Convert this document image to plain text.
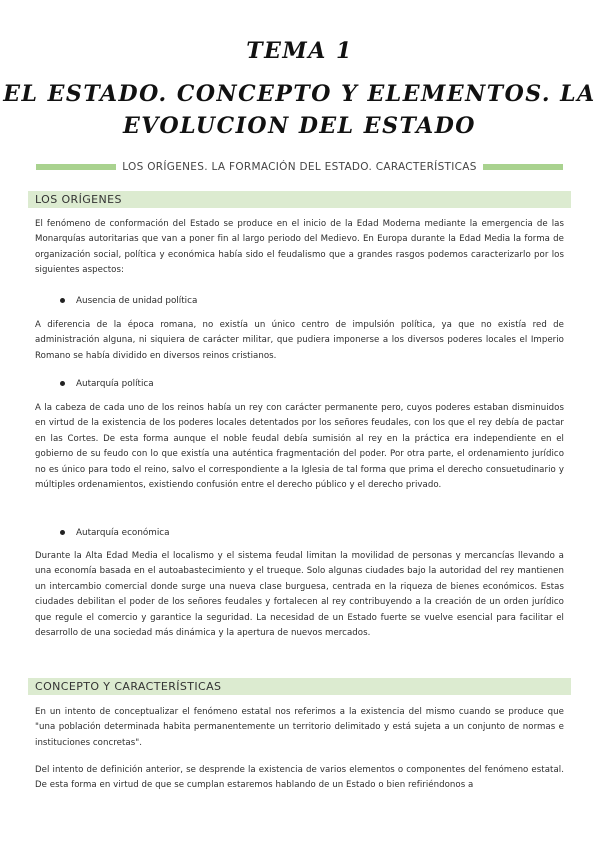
TEMA 1
EL ESTADO. CONCEPTO Y ELEMENTOS. LA
EVOLUCION DEL ESTADO
LOS ORÍGENES. LA FORMACIÓN DEL ESTADO. CARACTERÍSTICAS
LOS ORÍGENES
El fenómeno de conformación del Estado se produce en el inicio de la Edad Moderna mediante la emergencia de las Monarquías autoritarias que van a poner fin al largo periodo del Medievo. En Europa durante la Edad Media la forma de organización social, política y económica había sido el feudalismo que a grandes rasgos podemos caracterizarlo por los siguientes aspectos:
Ausencia de unidad política
A diferencia de la época romana, no existía un único centro de impulsión política, ya que no existía red de administración alguna, ni siquiera de carácter militar, que pudiera imponerse a los diversos poderes locales el Imperio Romano se había dividido en diversos reinos cristianos.
Autarquía política
A la cabeza de cada uno de los reinos había un rey con carácter permanente pero, cuyos poderes estaban disminuidos en virtud de la existencia de los poderes locales detentados por los señores feudales, con los que el rey debía de pactar en las Cortes. De esta forma aunque el noble feudal debía sumisión al rey en la práctica era independiente en el gobierno de su feudo con lo que existía una auténtica fragmentación del poder. Por otra parte, el ordenamiento jurídico no es único para todo el reino, salvo el correspondiente a la Iglesia de tal forma que prima el derecho consuetudinario y múltiples ordenamientos, existiendo confusión entre el derecho público y el derecho privado.
Autarquía económica
Durante la Alta Edad Media el localismo y el sistema feudal limitan la movilidad de personas y mercancías llevando a una economía basada en el autoabastecimiento y el trueque. Solo algunas ciudades bajo la autoridad del rey mantienen un intercambio comercial donde surge una nueva clase burguesa, centrada en la riqueza de bienes económicos. Estas ciudades debilitan el poder de los señores feudales y fortalecen al rey contribuyendo a la creación de un orden jurídico que regule el comercio y garantice la seguridad. La necesidad de un Estado fuerte se vuelve esencial para facilitar el desarrollo de una sociedad más dinámica y la apertura de nuevos mercados.
CONCEPTO Y CARACTERÍSTICAS
En un intento de conceptualizar el fenómeno estatal nos referimos a la existencia del mismo cuando se produce que "una población determinada habita permanentemente un territorio delimitado y está sujeta a un conjunto de normas e instituciones concretas".
Del intento de definición anterior, se desprende la existencia de varios elementos o componentes del fenómeno estatal. De esta forma en virtud de que se cumplan estaremos hablando de un Estado o bien refiriéndonos a
